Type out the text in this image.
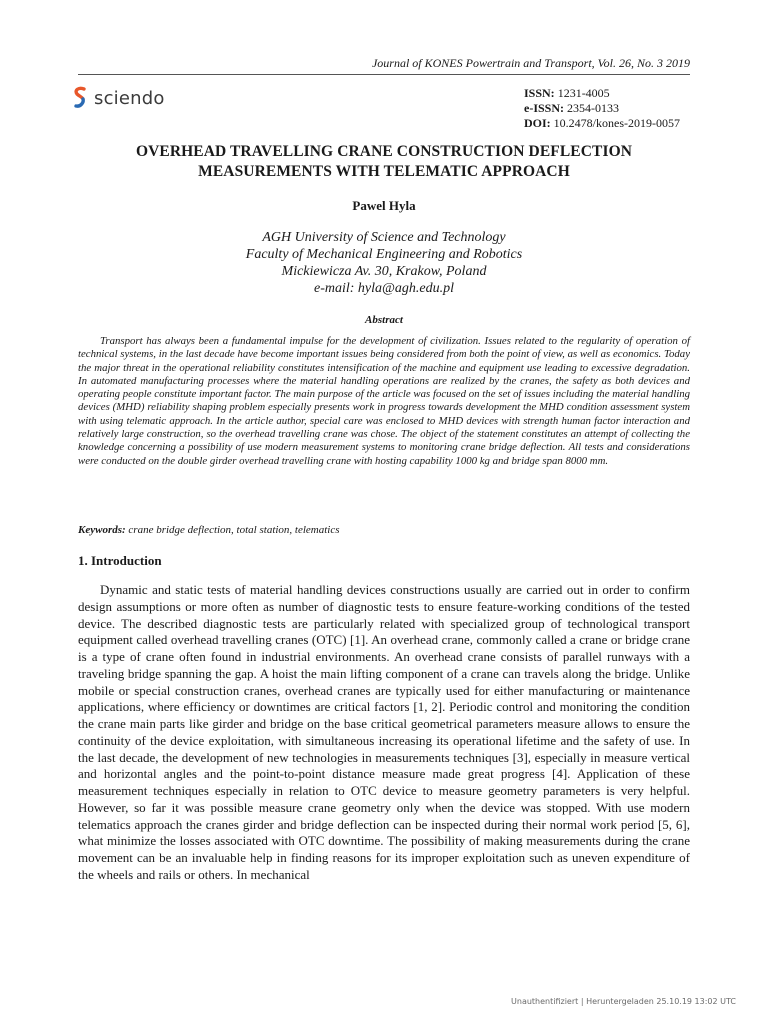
Journal of KONES Powertrain and Transport, Vol. 26, No. 3 2019
sciendo	ISSN: 1231-4005
e-ISSN: 2354-0133
DOI: 10.2478/kones-2019-0057
OVERHEAD TRAVELLING CRANE CONSTRUCTION DEFLECTION
MEASUREMENTS WITH TELEMATIC APPROACH
Pawel Hyla
AGH University of Science and Technology
Faculty of Mechanical Engineering and Robotics
Mickiewicza Av. 30, Krakow, Poland
e-mail: hyla@agh.edu.pl
Abstract

Transport has always been a fundamental impulse for the development of civilization. Issues related to the regularity of operation of technical systems, in the last decade have become important issues being considered from both the point of view, as well as economics. Today the major threat in the operational reliability constitutes intensification of the machine and equipment use leading to excessive degradation. In automated manufacturing processes where the material handling operations are realized by the cranes, the safety as both devices and operating people constitute important factor. The main purpose of the article was focused on the set of issues including the material handling devices (MHD) reliability shaping problem especially presents work in progress towards development the MHD condition assessment system with using telematic approach. In the article author, special care was enclosed to MHD devices with strength human factor interaction and relatively large construction, so the overhead travelling crane was chose. The object of the statement constitutes an attempt of collecting the knowledge concerning a possibility of use modern measurement systems to monitoring crane bridge deflection. All tests and considerations were conducted on the double girder overhead travelling crane with hosting capability 1000 kg and bridge span 8000 mm.

Keywords: crane bridge deflection, total station, telematics
1. Introduction

Dynamic and static tests of material handling devices constructions usually are carried out in order to confirm design assumptions or more often as number of diagnostic tests to ensure feature-working conditions of the tested device. The described diagnostic tests are particularly related with specialized group of technological transport equipment called overhead travelling cranes (OTC) [1]. An overhead crane, commonly called a crane or bridge crane is a type of crane often found in industrial environments. An overhead crane consists of parallel runways with a traveling bridge spanning the gap. A hoist the main lifting component of a crane can travels along the bridge. Unlike mobile or special construction cranes, overhead cranes are typically used for either manufacturing or maintenance applications, where efficiency or downtimes are critical factors [1, 2]. Periodic control and monitoring the condition the crane main parts like girder and bridge on the base critical geometrical parameters measure allows to ensure the continuity of the device exploitation, with simultaneous increasing its operational lifetime and the safety of use. In the last decade, the development of new technologies in measurements techniques [3], especially in measure vertical and horizontal angles and the point-to-point distance measure made great progress [4]. Application of these measurement techniques especially in relation to OTC device to measure geometry parameters is very helpful. However, so far it was possible measure crane geometry only when the device was stopped. With use modern telematics approach the cranes girder and bridge deflection can be inspected during their normal work period [5, 6], what minimize the losses associated with OTC downtime. The possibility of making measurements during the crane movement can be an invaluable help in finding reasons for its improper exploitation such as uneven expenditure of the wheels and rails or others. In mechanical

Unauthentifiziert | Heruntergeladen 25.10.19 13:02 UTC
